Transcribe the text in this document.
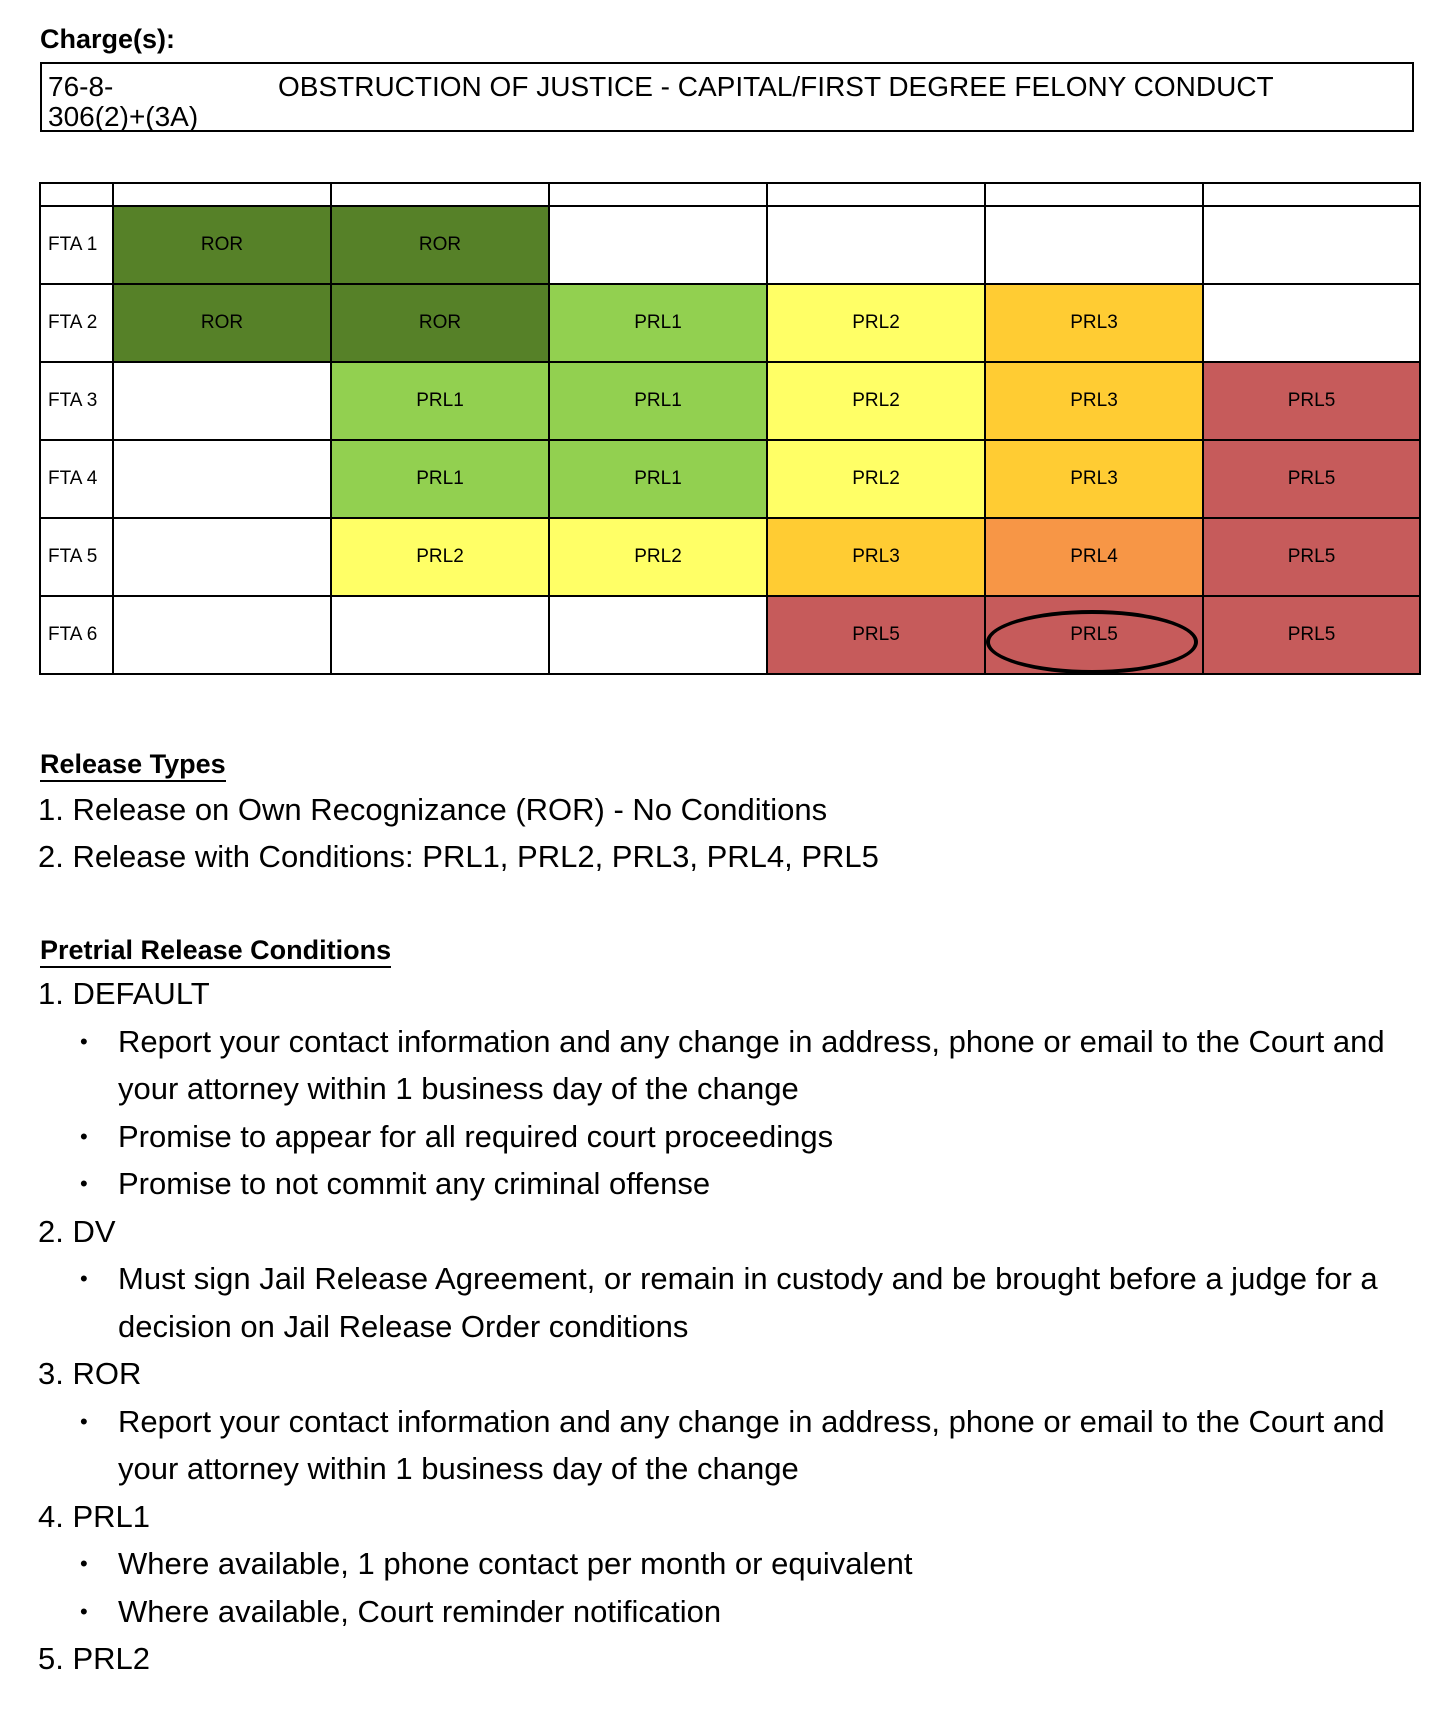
Charge(s):
76-8-
306(2)+(3A)
OBSTRUCTION OF JUSTICE - CAPITAL/FIRST DEGREE FELONY CONDUCT

FTA 1	ROR	ROR				
FTA 2	ROR	ROR	PRL1	PRL2	PRL3	
FTA 3		PRL1	PRL1	PRL2	PRL3	PRL5
FTA 4		PRL1	PRL1	PRL2	PRL3	PRL5
FTA 5		PRL2	PRL2	PRL3	PRL4	PRL5
FTA 6				PRL5	PRL5	PRL5
Release Types
1. Release on Own Recognizance (ROR) - No Conditions
2. Release with Conditions: PRL1, PRL2, PRL3, PRL4, PRL5
Pretrial Release Conditions
1. DEFAULT
• Report your contact information and any change in address, phone or email to the Court and
your attorney within 1 business day of the change
• Promise to appear for all required court proceedings
• Promise to not commit any criminal offense
2. DV
• Must sign Jail Release Agreement, or remain in custody and be brought before a judge for a
decision on Jail Release Order conditions
3. ROR
• Report your contact information and any change in address, phone or email to the Court and
your attorney within 1 business day of the change
4. PRL1
• Where available, 1 phone contact per month or equivalent
• Where available, Court reminder notification
5. PRL2
